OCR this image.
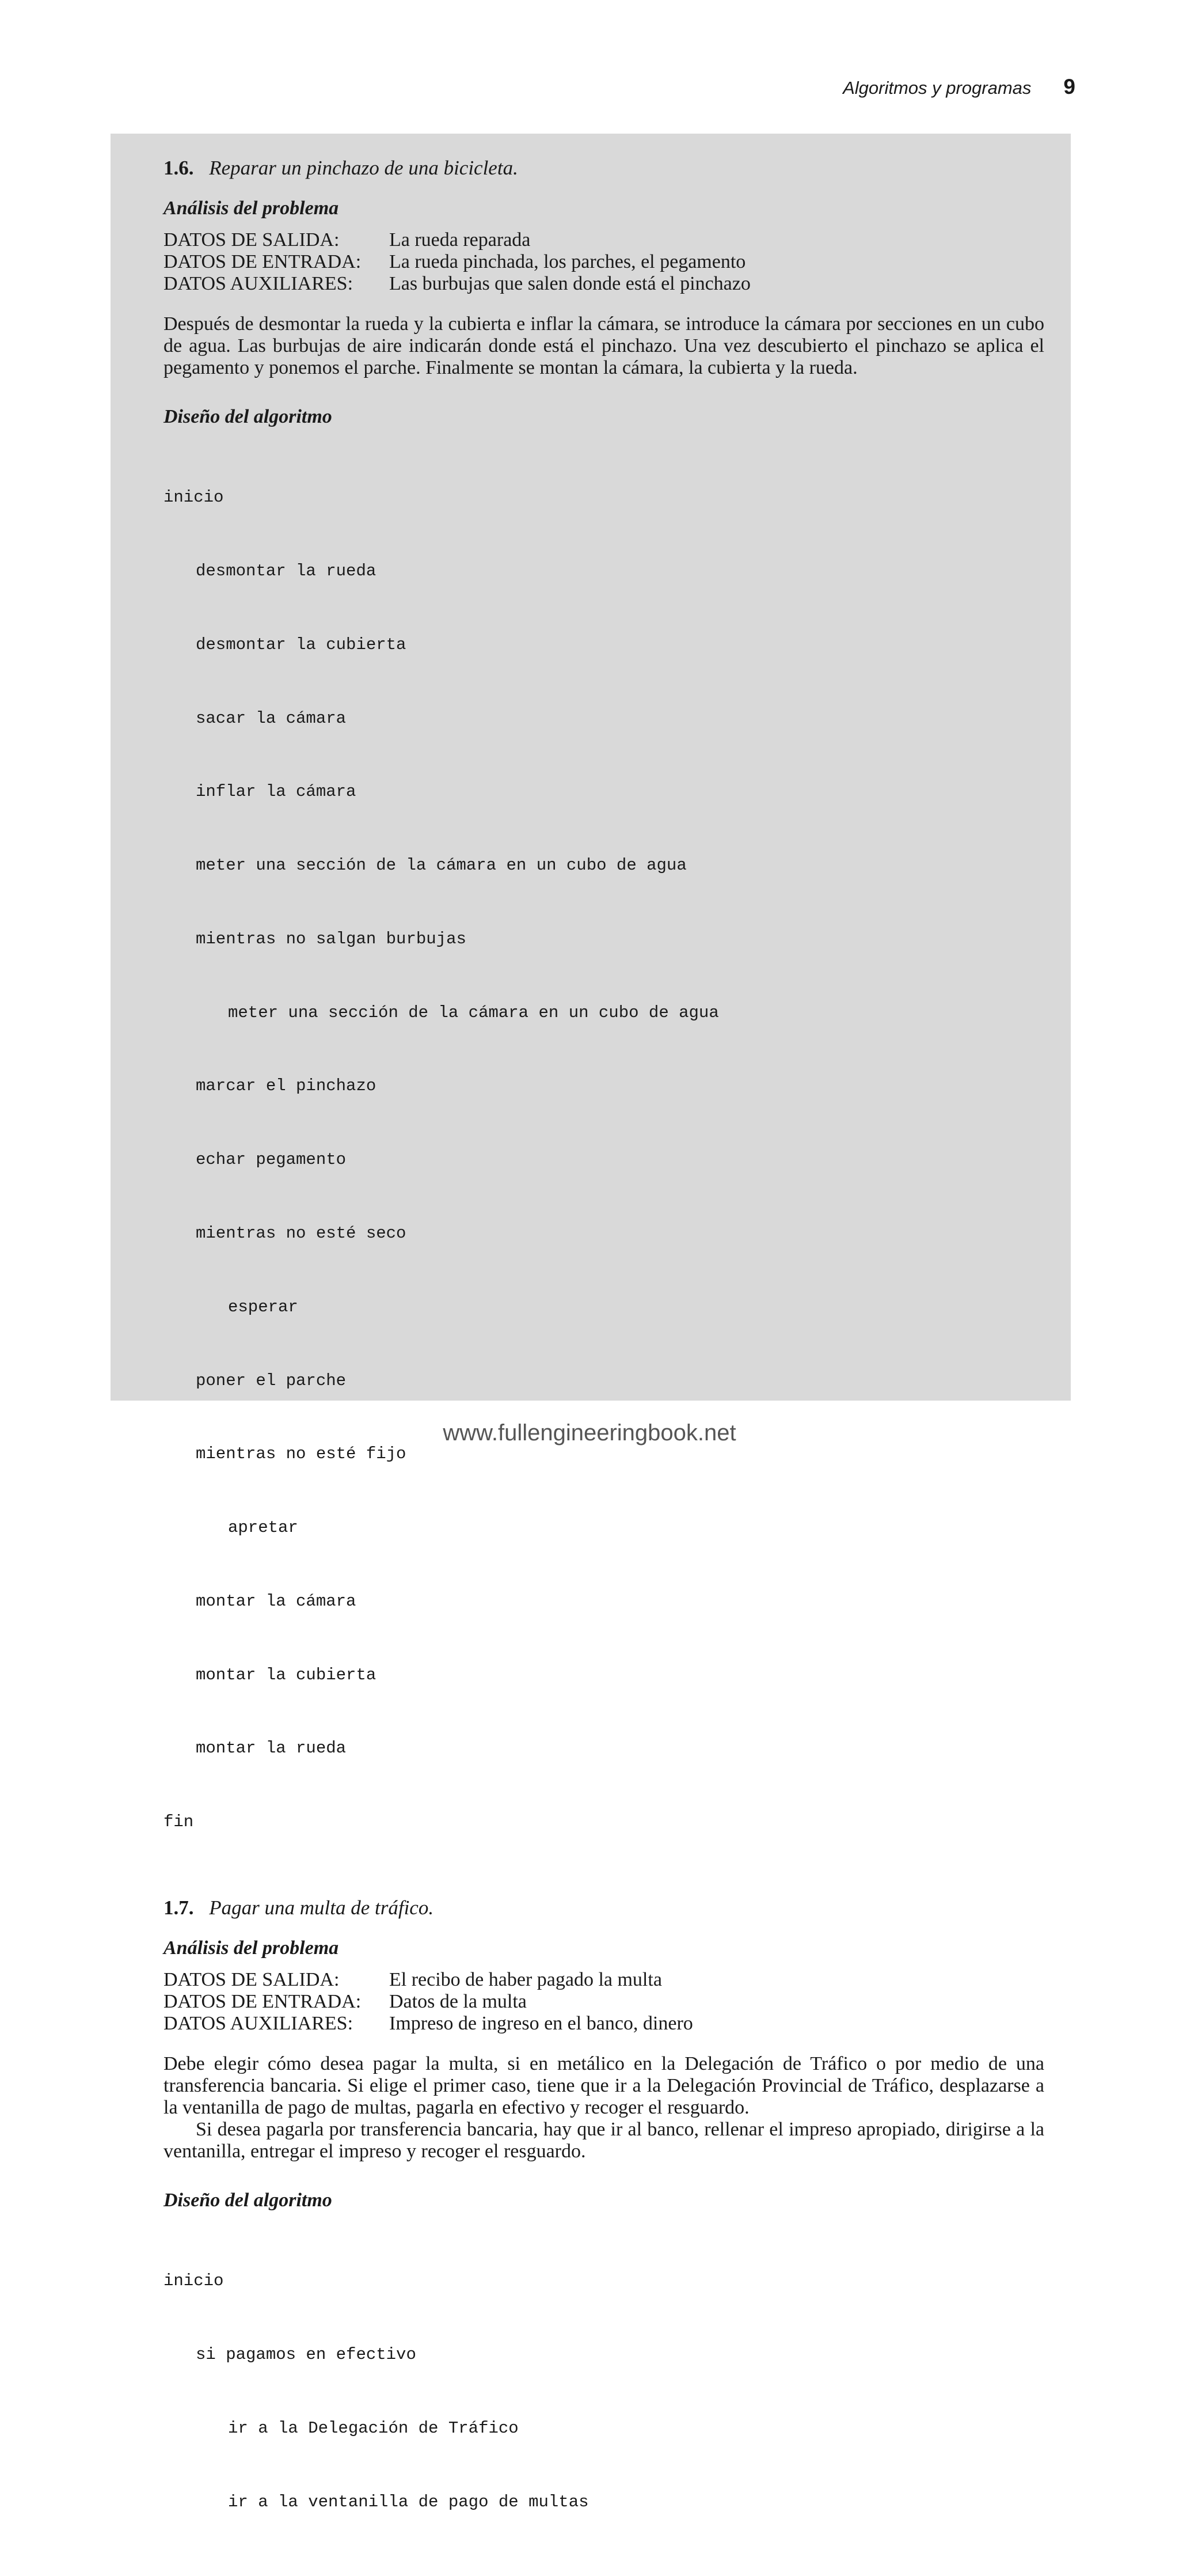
Algoritmos y programas 9
1.6. Reparar un pinchazo de una bicicleta.
Análisis del problema
DATOS DE SALIDA:	La rueda reparada
DATOS DE ENTRADA:	La rueda pinchada, los parches, el pegamento
DATOS AUXILIARES:	Las burbujas que salen donde está el pinchazo

Después de desmontar la rueda y la cubierta e inflar la cámara, se introduce la cámara por secciones en un cubo de agua. Las burbujas de aire indicarán donde está el pinchazo. Una vez descubierto el pinchazo se aplica el pegamento y ponemos el parche. Finalmente se montan la cámara, la cubierta y la rueda.

Diseño del algoritmo

inicio

desmontar la rueda

desmontar la cubierta

sacar la cámara

inflar la cámara

meter una sección de la cámara en un cubo de agua

mientras no salgan burbujas

meter una sección de la cámara en un cubo de agua

marcar el pinchazo

echar pegamento

mientras no esté seco

esperar

poner el parche

mientras no esté fijo

apretar

montar la cámara

montar la cubierta

montar la rueda

fin

1.7. Pagar una multa de tráfico.
Análisis del problema
DATOS DE SALIDA:	El recibo de haber pagado la multa
DATOS DE ENTRADA:	Datos de la multa
DATOS AUXILIARES:	Impreso de ingreso en el banco, dinero

Debe elegir cómo desea pagar la multa, si en metálico en la Delegación de Tráfico o por medio de una transferencia bancaria. Si elige el primer caso, tiene que ir a la Delegación Provincial de Tráfico, desplazarse a la ventanilla de pago de multas, pagarla en efectivo y recoger el resguardo.

Si desea pagarla por transferencia bancaria, hay que ir al banco, rellenar el impreso apropiado, dirigirse a la ventanilla, entregar el impreso y recoger el resguardo.

Diseño del algoritmo

inicio

si pagamos en efectivo

ir a la Delegación de Tráfico

ir a la ventanilla de pago de multas

www.fullengineeringbook.net
